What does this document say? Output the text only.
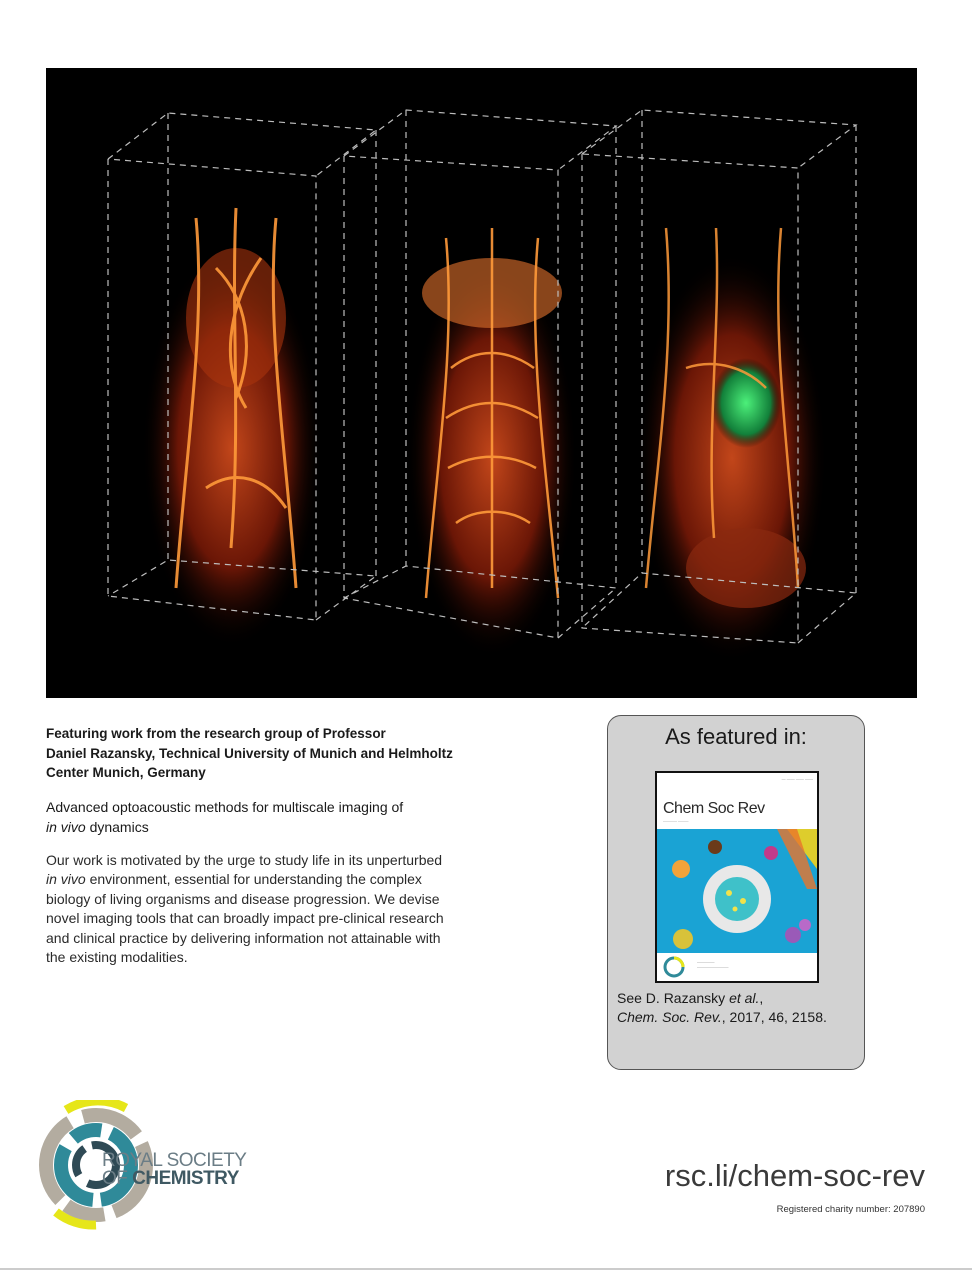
Featuring work from the research group of Professor
Daniel Razansky, Technical University of Munich and Helmholtz
Center Munich, Germany
Advanced optoacoustic methods for multiscale imaging of
in vivo dynamics
Our work is motivated by the urge to study life in its unperturbed
in vivo environment, essential for understanding the complex
biology of living organisms and disease progression. We devise
novel imaging tools that can broadly impact pre-clinical research
and clinical practice by delivering information not attainable with
the existing modalities.
As featured in:
― ―― ―― ――
Chem Soc Rev
―――― ―――
―――――
―――――――――
See D. Razansky et al.,
Chem. Soc. Rev., 2017, 46, 2158.
ROYAL SOCIETY
OF CHEMISTRY	rsc.li/chem-soc-rev
Registered charity number: 207890
